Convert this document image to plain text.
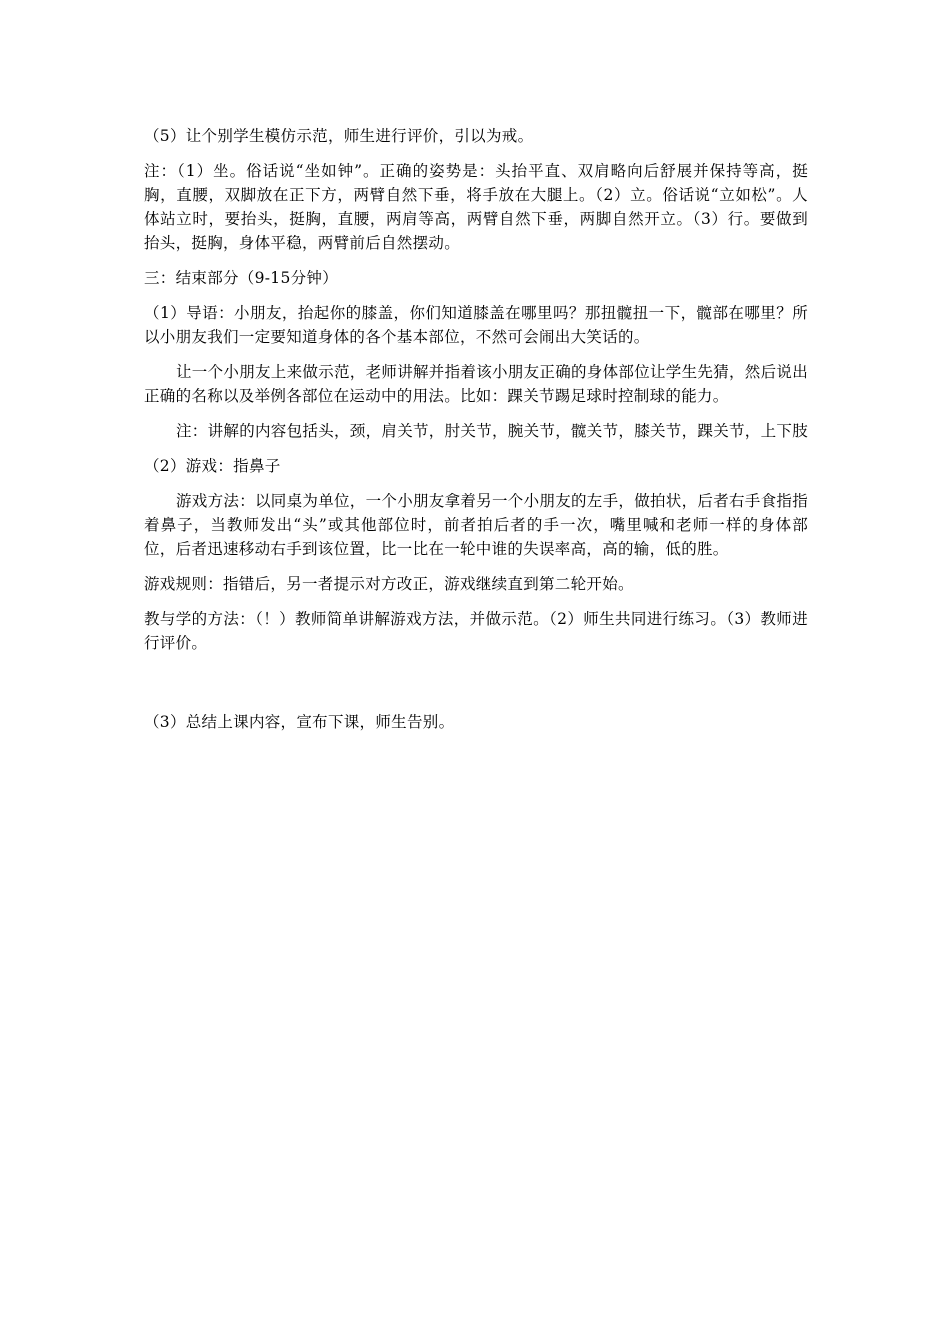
（5）让个别学生模仿示范，师生进行评价，引以为戒。

注：（1）坐。俗话说“坐如钟”。正确的姿势是：头抬平直、双肩略向后舒展并保持等高，挺胸，直腰，双脚放在正下方，两臂自然下垂，将手放在大腿上。（2）立。俗话说“立如松”。人体站立时，要抬头，挺胸，直腰，两肩等高，两臂自然下垂，两脚自然开立。（3）行。要做到抬头，挺胸，身体平稳，两臂前后自然摆动。

三：结束部分（9-15分钟）

（1）导语：小朋友，抬起你的膝盖，你们知道膝盖在哪里吗？那扭髋扭一下，髋部在哪里？所以小朋友我们一定要知道身体的各个基本部位，不然可会闹出大笑话的。

让一个小朋友上来做示范，老师讲解并指着该小朋友正确的身体部位让学生先猜，然后说出正确的名称以及举例各部位在运动中的用法。比如：踝关节踢足球时控制球的能力。

注：讲解的内容包括头，颈，肩关节，肘关节，腕关节，髋关节，膝关节，踝关节，上下肢

（2）游戏：指鼻子

游戏方法：以同桌为单位，一个小朋友拿着另一个小朋友的左手，做拍状，后者右手食指指着鼻子，当教师发出“头”或其他部位时，前者拍后者的手一次，嘴里喊和老师一样的身体部位，后者迅速移动右手到该位置，比一比在一轮中谁的失误率高，高的输，低的胜。

游戏规则：指错后，另一者提示对方改正，游戏继续直到第二轮开始。

教与学的方法：（！）教师简单讲解游戏方法，并做示范。（2）师生共同进行练习。（3）教师进行评价。

（3）总结上课内容，宣布下课，师生告别。
